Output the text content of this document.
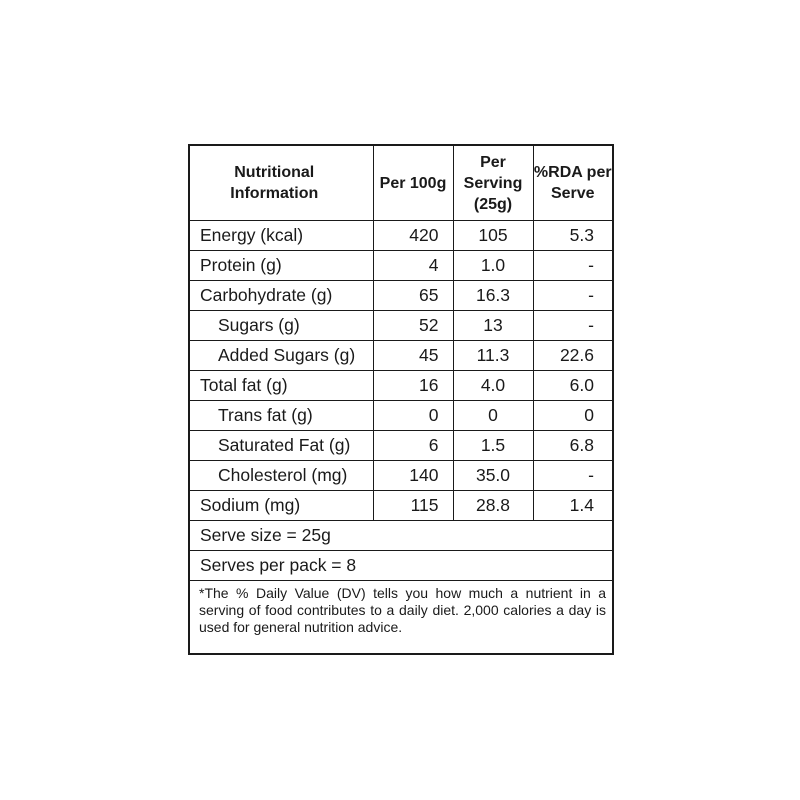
Nutritional Information	Per 100g	Per Serving (25g)	%RDA per Serve
Energy (kcal)	420	105	5.3
Protein (g)	4	1.0	-
Carbohydrate (g)	65	16.3	-
Sugars (g)	52	13	-
Added Sugars (g)	45	11.3	22.6
Total fat (g)	16	4.0	6.0
Trans fat (g)	0	0	0
Saturated Fat (g)	6	1.5	6.8
Cholesterol (mg)	140	35.0	-
Sodium (mg)	115	28.8	1.4
Serve size = 25g			
Serves per pack = 8			
*The % Daily Value (DV) tells you how much a nutrient in a serving of food contributes to a daily diet. 2,000 calories a day is used for general nutrition advice.			
